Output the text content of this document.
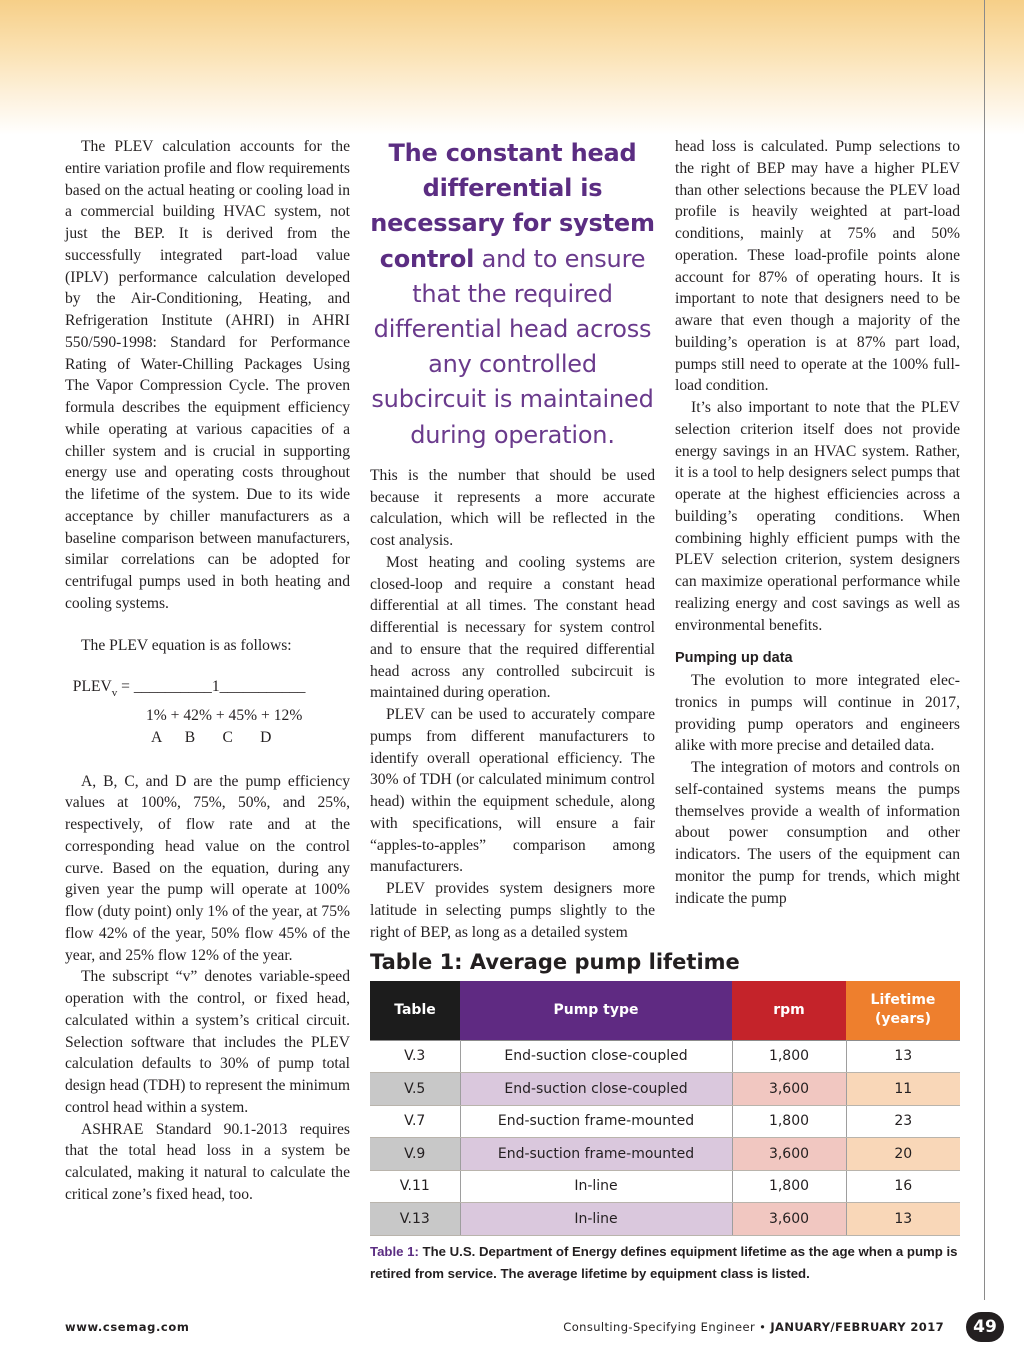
The PLEV calculation accounts for the entire variation profile and flow requirements based on the actual heating or cooling load in a commercial building HVAC system, not just the BEP. It is derived from the successfully integrated part-load value (IPLV) performance calculation developed by the Air-Conditioning, Heating, and Refrigeration Institute (AHRI) in AHRI 550/590-1998: Standard for Performance Rating of Water-Chilling Packages Using The Vapor Compression Cycle. The proven formula describes the equipment efficiency while operating at various capacities of a chiller system and is crucial in supporting energy use and operating costs throughout the lifetime of the system. Due to its wide acceptance by chiller manufacturers as a baseline comparison between manufacturers, similar correlations can be adopted for centrifugal pumps used in both heating and cooling systems.

The PLEV equation is as follows:

$PLEV_v$ = __________1___________
1% + 42% + 45% + 12%
A      B       C       D

A, B, C, and D are the pump efficiency values at 100%, 75%, 50%, and 25%, respectively, of flow rate and at the corresponding head value on the control curve. Based on the equation, during any given year the pump will operate at 100% flow (duty point) only 1% of the year, at 75% flow 42% of the year, 50% flow 45% of the year, and 25% flow 12% of the year.

The subscript “v” denotes variable-speed operation with the control, or fixed head, calculated within a system’s critical circuit. Selection software that includes the PLEV calculation defaults to 30% of pump total design head (TDH) to represent the minimum control head within a system.

ASHRAE Standard 90.1-2013 requires that the total head loss in a system be calculated, making it natural to calculate the critical zone’s fixed head, too.

The constant head differential is necessary for system control and to ensure that the required differential head across any controlled subcircuit is maintained during operation.

This is the number that should be used because it represents a more accurate calculation, which will be reflected in the cost analysis.

Most heating and cooling systems are closed-loop and require a constant head differential at all times. The constant head differential is necessary for system control and to ensure that the required differential head across any controlled subcircuit is maintained during operation.

PLEV can be used to accurately compare pumps from different manufacturers to identify overall operational efficiency. The 30% of TDH (or calculated minimum control head) within the equipment schedule, along with specifications, will ensure a fair “apples-to-apples” comparison among manufacturers.

PLEV provides system designers more latitude in selecting pumps slightly to the right of BEP, as long as a detailed system

head loss is calculated. Pump selections to the right of BEP may have a higher PLEV than other selections because the PLEV load profile is heavily weighted at part-load conditions, mainly at 75% and 50% operation. These load-profile points alone account for 87% of operating hours. It is important to note that designers need to be aware that even though a majority of the building’s operation is at 87% part load, pumps still need to operate at the 100% full-load condition.

It’s also important to note that the PLEV selection criterion itself does not provide energy savings in an HVAC system. Rather, it is a tool to help designers select pumps that operate at the highest efficiencies across a building’s operating conditions. When combining highly efficient pumps with the PLEV selection criterion, system designers can maximize operational performance while realizing energy and cost savings as well as environmental benefits.

Pumping up data

The evolution to more integrated electronics in pumps will continue in 2017, providing pump operators and engineers alike with more precise and detailed data.

The integration of motors and controls on self-contained systems means the pumps themselves provide a wealth of information about power consumption and other indicators. The users of the equipment can monitor the pump for trends, which might indicate the pump

Table 1: Average pump lifetime
Table	Pump type	rpm	Lifetime (years)
V.3	End-suction close-coupled	1,800	13
V.5	End-suction close-coupled	3,600	11
V.7	End-suction frame-mounted	1,800	23
V.9	End-suction frame-mounted	3,600	20
V.11	In-line	1,800	16
V.13	In-line	3,600	13
Table 1: The U.S. Department of Energy defines equipment lifetime as the age when a pump is retired from service. The average lifetime by equipment class is listed.
www.csemag.com	Consulting-Specifying Engineer • JANUARY/FEBRUARY 2017	49
